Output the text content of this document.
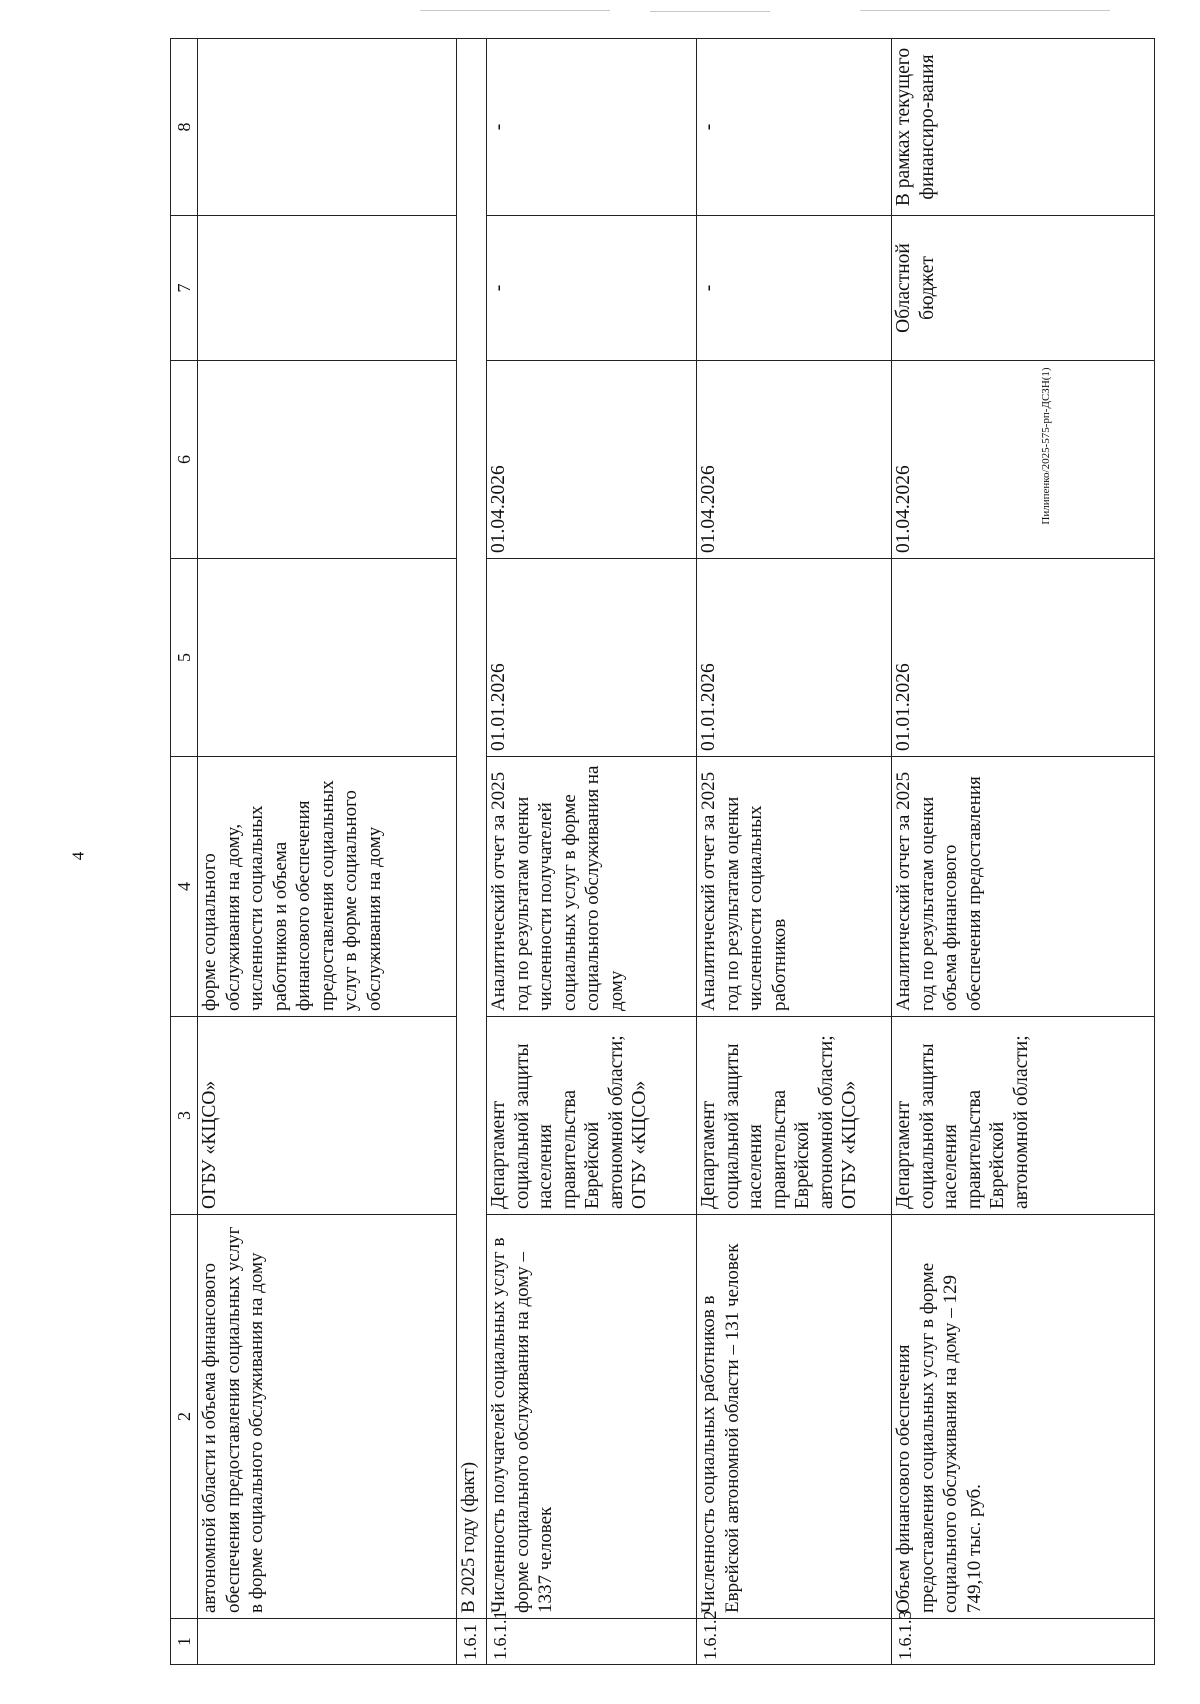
4
1	2	3	4	5	6	7	8
	автономной области и объема финансового обеспечения предоставления социальных услуг в форме социального обслуживания на дому	ОГБУ «КЦСО»	форме социального обслуживания на дому, численности социальных работников и объема финансового обеспечения предоставления социальных услуг в форме социального обслуживания на дому				
1.6.1	В 2025 году (факт)						
1.6.1.1	Численность получателей социальных услуг в форме социального обслуживания на дому – 1337 человек	Департамент социальной защиты населения правительства Еврейской автономной области; ОГБУ «КЦСО»	Аналитический отчет за 2025 год по результатам оценки численности получателей социальных услуг в форме социального обслуживания на дому	01.01.2026	01.04.2026	-	-
1.6.1.2	Численность социальных работников в Еврейской автономной области – 131 человек	Департамент социальной защиты населения правительства Еврейской автономной области; ОГБУ «КЦСО»	Аналитический отчет за 2025 год по результатам оценки численности социальных работников	01.01.2026	01.04.2026	-	-
1.6.1.3	Объем финансового обеспечения предоставления социальных услуг в форме социального обслуживания на дому – 129 749,10 тыс. руб.	Департамент социальной защиты населения правительства Еврейской автономной области;	Аналитический отчет за 2025 год по результатам оценки объема финансового обеспечения предоставления	01.01.2026	01.04.2026	Областной бюджет	В рамках текущего финансиро-вания
Пилипенко/2025-575-рп-ДСЗН(1)
